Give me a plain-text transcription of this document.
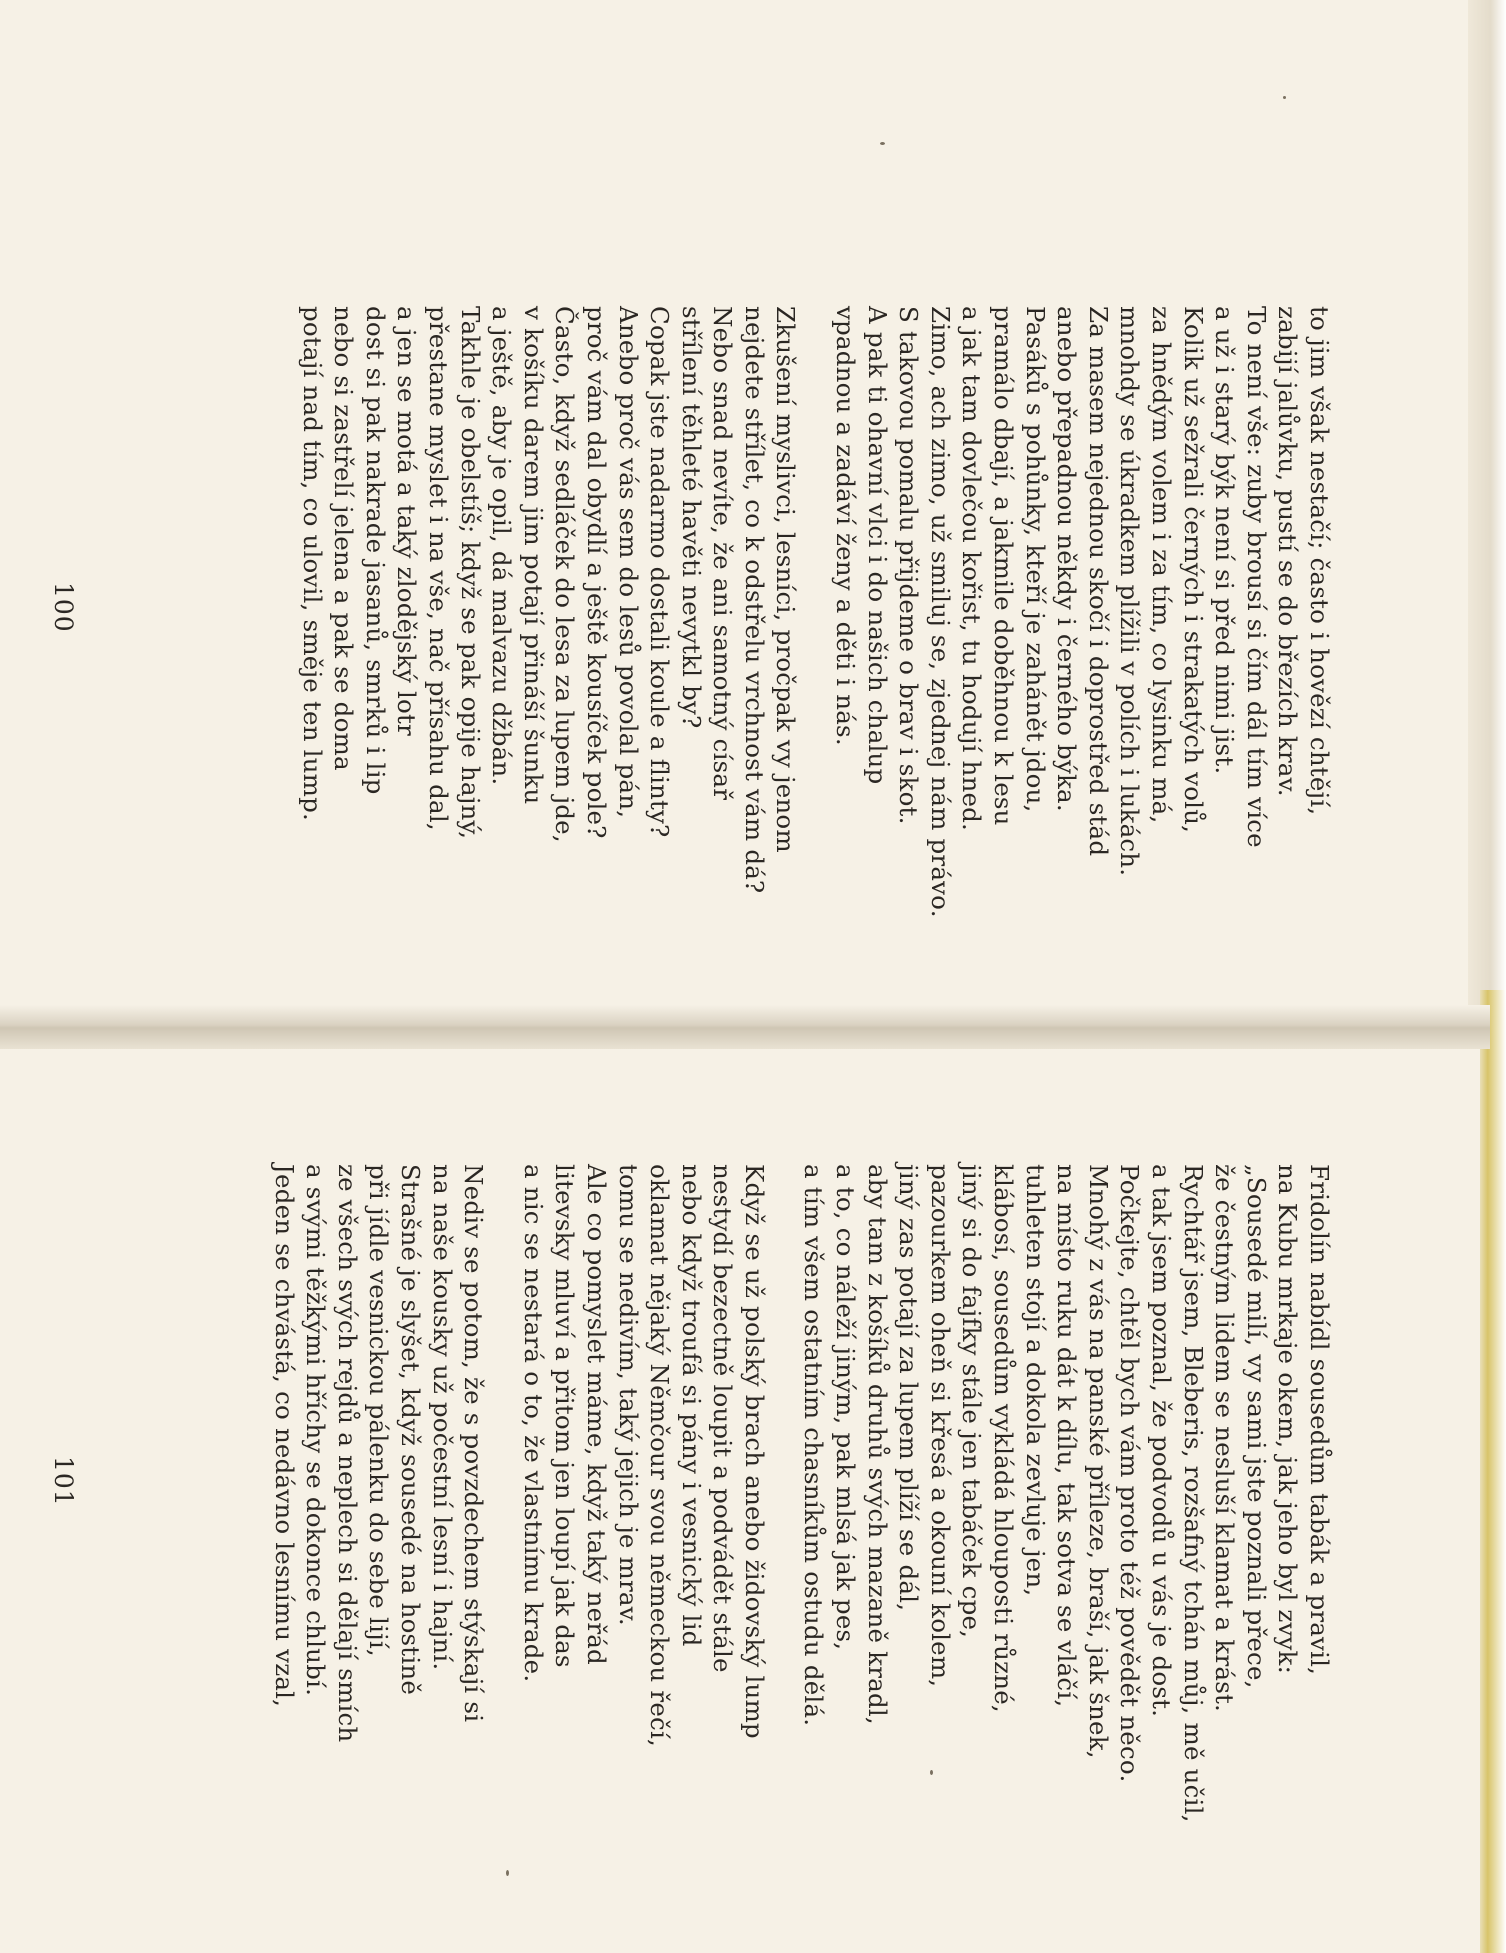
to jim však nestačí; často i hovězí chtějí,
zabijí jalůvku, pustí se do březích krav.
To není vše: zuby brousí si čím dál tím více
a už i starý býk není si před nimi jist.
Kolik už sežrali černých i strakatých volů,
za hnědým volem i za tím, co lysinku má,
mnohdy se úkradkem plížili v polích i lukách.
Za masem nejednou skočí i doprostřed stád
anebo přepadnou někdy i černého býka.
Pasáků s pohůnky, kteří je zahánět jdou,
pramálo dbají, a jakmile doběhnou k lesu
a jak tam dovlečou kořist, tu hodují hned.
Zimo, ach zimo, už smiluj se, zjednej nám právo.
S takovou pomalu přijdeme o brav i skot.
A pak ti ohavní vlci i do našich chalup
vpadnou a zadáví ženy a děti i nás.
Zkušení myslivci, lesníci, pročpak vy jenom
nejdete střílet, co k odstřelu vrchnost vám dá?
Nebo snad nevíte, že ani samotný císař
střílení těhleté havěti nevytkl by?
Copak jste nadarmo dostali koule a flinty?
Anebo proč vás sem do lesů povolal pán,
proč vám dal obydlí a ještě kousíček pole?
Často, když sedláček do lesa za lupem jde,
v košíku darem jim potají přináší šunku
a ještě, aby je opil, dá malvazu džbán.
Takhle je obelstíš; když se pak opije hajný,
přestane myslet i na vše, nač přísahu dal,
a jen se motá a taký zlodějský lotr
dost si pak nakrade jasanů, smrků i lip
nebo si zastřelí jelena a pak se doma
potají nad tím, co ulovil, směje ten lump.
100
Fridolín nabídl sousedům tabák a pravil,
na Kubu mrkaje okem, jak jeho byl zvyk:
„Sousedé milí, vy sami jste poznali přece,
že čestným lidem se nesluší klamat a krást.
Rychtář jsem, Bleberis, rozšafný tchán můj, mě učil,
a tak jsem poznal, že podvodů u vás je dost.
Počkejte, chtěl bych vám proto též povědět něco.
Mnohý z vás na panské příleze, braší, jak šnek,
na místo ruku dát k dílu, tak sotva se vláčí,
tuhleten stojí a dokola zevluje jen,
klábosí, sousedům vykládá hlouposti různé,
jiný si do fajfky stále jen tabáček cpe,
pazourkem oheň si křesá a okouní kolem,
jiný zas potají za lupem plíží se dál,
aby tam z košíků druhů svých mazaně kradl,
a to, co náleží jiným, pak mlsá jak pes,
a tím všem ostatním chasníkům ostudu dělá.
Když se už polský brach anebo židovský lump
nestydí bezectně loupit a podvádět stále
nebo když troufá si pány i vesnický lid
oklamat nějaký Němčour svou německou řečí,
tomu se nedivím, taký jejich je mrav.
Ale co pomyslet máme, když taký neřád
litevsky mluví a přitom jen loupí jak das
a nic se nestará o to, že vlastnímu krade.
Nediv se potom, že s povzdechem stýskají si
na naše kousky už počestní lesní i hajní.
Strašné je slyšet, když sousedé na hostině
při jídle vesnickou pálenku do sebe lijí,
ze všech svých rejdů a neplech si dělají smích
a svými těžkými hříchy se dokonce chlubí.
Jeden se chvástá, co nedávno lesnímu vzal,
101
